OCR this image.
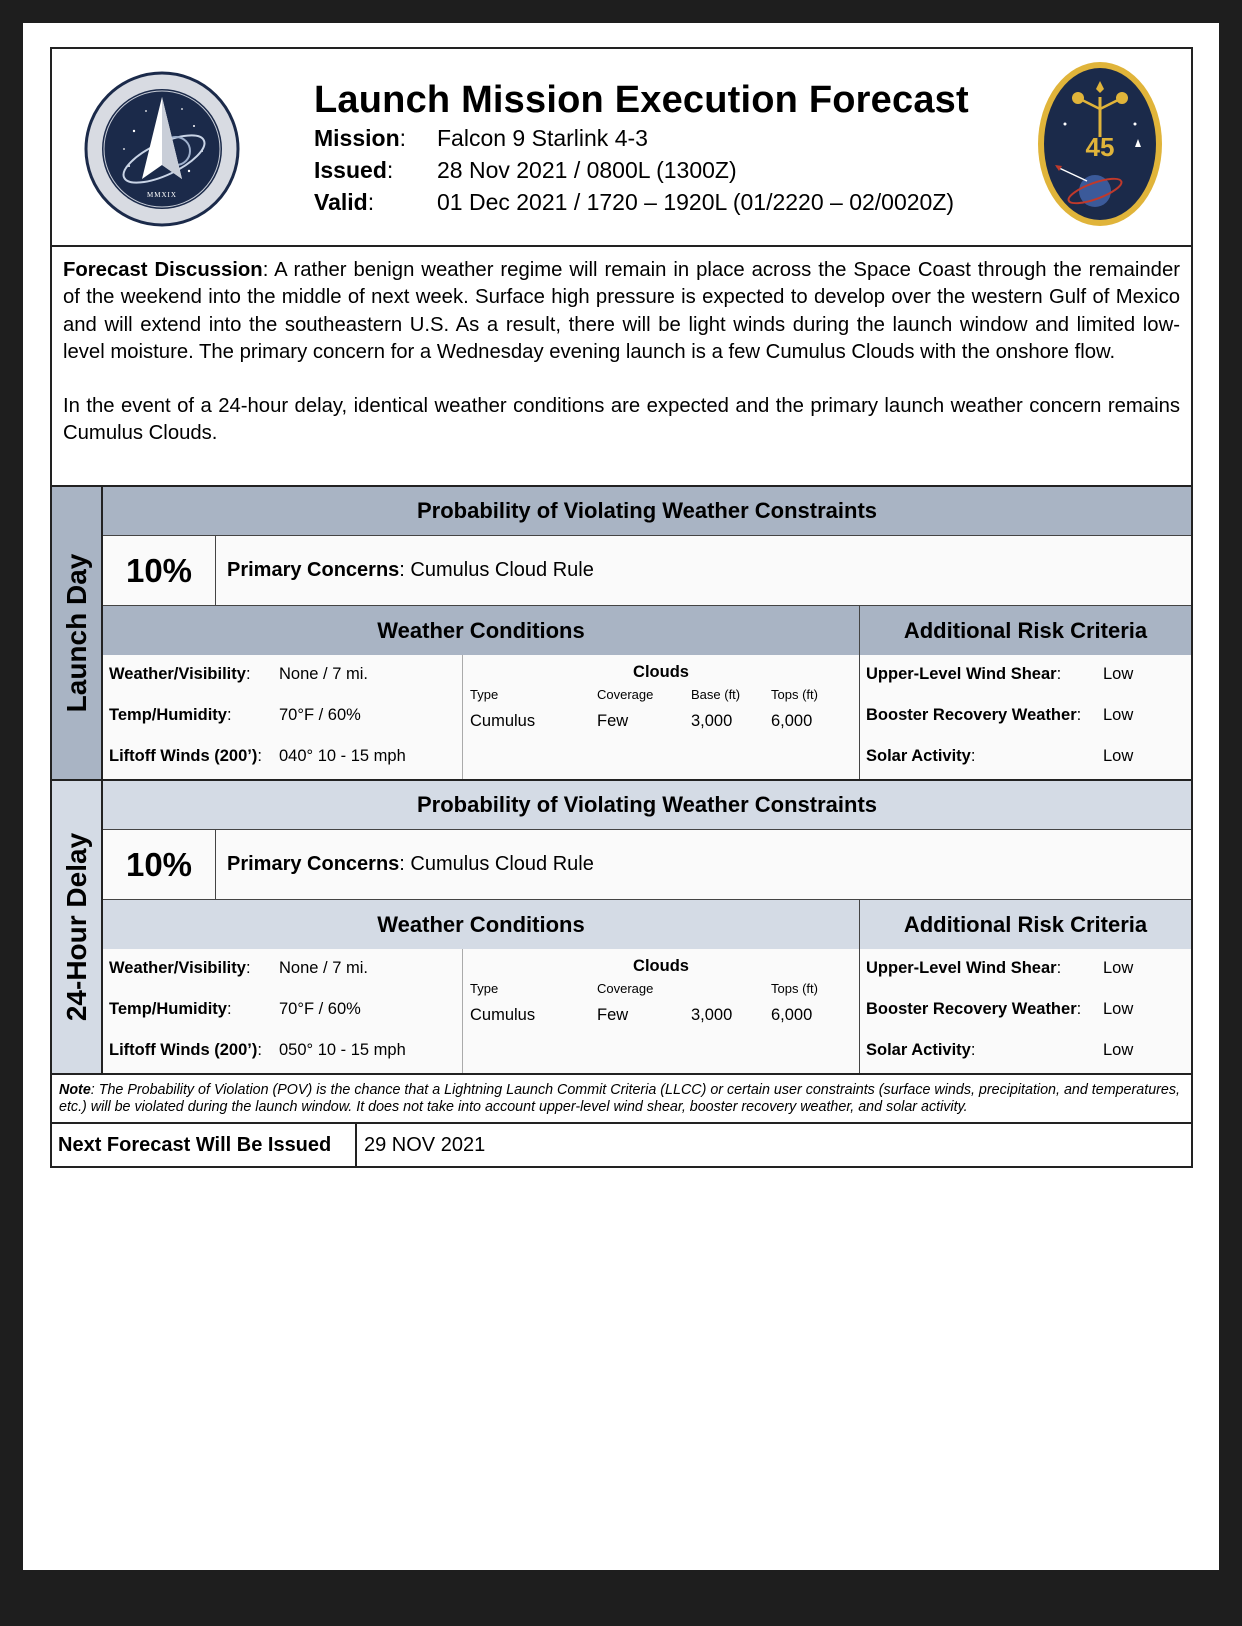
MMXIX
Launch Mission Execution Forecast
Mission:	Falcon 9 Starlink 4-3
Issued:	28 Nov 2021 / 0800L (1300Z)
Valid:	01 Dec 2021 / 1720 – 1920L (01/2220 – 02/0020Z)
45

Forecast Discussion: A rather benign weather regime will remain in place across the Space Coast through the remainder of the weekend into the middle of next week. Surface high pressure is expected to develop over the western Gulf of Mexico and will extend into the southeastern U.S. As a result, there will be light winds during the launch window and limited low-level moisture. The primary concern for a Wednesday evening launch is a few Cumulus Clouds with the onshore flow.

In the event of a 24-hour delay, identical weather conditions are expected and the primary launch weather concern remains Cumulus Clouds.

Launch Day
Probability of Violating Weather Constraints
10%	Primary Concerns : Cumulus Cloud Rule
Weather Conditions	Additional Risk Criteria
Weather/Visibility:	None / 7 mi.
Temp/Humidity:	70°F / 60%
Liftoff Winds (200’):	040° 10 - 15 mph
Clouds
Type	Coverage	Base (ft) Tops (ft)
Cumulus	Few	3,000 6,000
Upper-Level Wind Shear:	Low
Booster Recovery Weather:	Low
Solar Activity:	Low
24-Hour Delay
Probability of Violating Weather Constraints
10%	Primary Concerns : Cumulus Cloud Rule
Weather Conditions	Additional Risk Criteria
Weather/Visibility:	None / 7 mi.
Temp/Humidity:	70°F / 60%
Liftoff Winds (200’):	050° 10 - 15 mph
Clouds
Type	Coverage	Tops (ft)
Cumulus	Few	3,000 6,000
Upper-Level Wind Shear:	Low
Booster Recovery Weather:	Low
Solar Activity:	Low
Note: The Probability of Violation (POV) is the chance that a Lightning Launch Commit Criteria (LLCC) or certain user constraints (surface winds, precipitation, and temperatures, etc.) will be violated during the launch window. It does not take into account upper-level wind shear, booster recovery weather, and solar activity.
Next Forecast Will Be Issued	29 NOV 2021
